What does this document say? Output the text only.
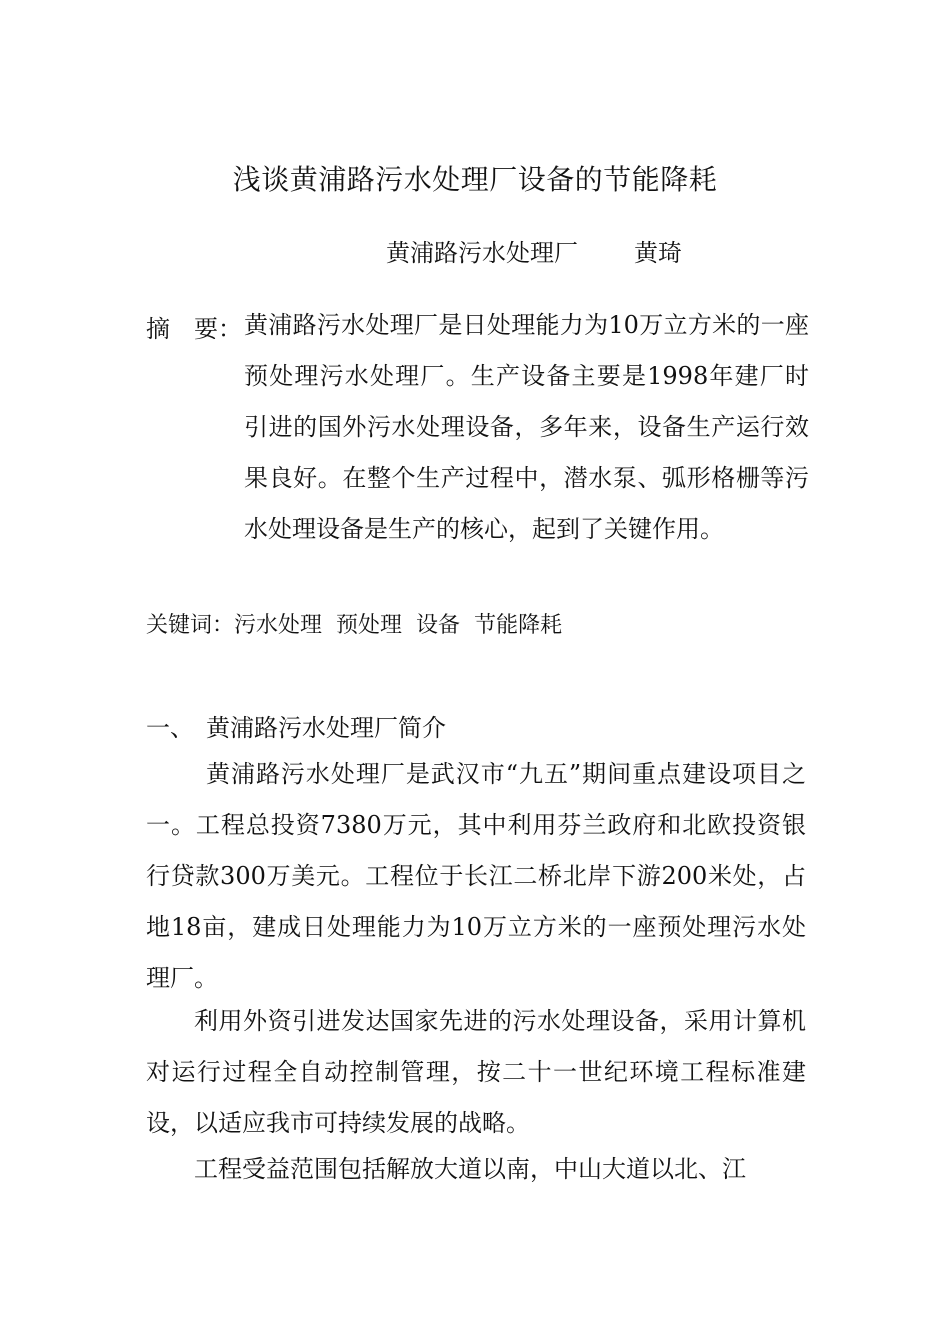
浅谈黄浦路污水处理厂设备的节能降耗
黄浦路污水处理厂 黄琦
摘 要： 黄浦路污水处理厂是日处理能力为10万立方米的一座预处理污水处理厂。生产设备主要是1998年建厂时引进的国外污水处理设备，多年来，设备生产运行效果良好。在整个生产过程中，潜水泵、弧形格栅等污水处理设备是生产的核心，起到了关键作用。

关键词：污水处理 预处理 设备 节能降耗
一、 黄浦路污水处理厂简介

黄浦路污水处理厂是武汉市“九五”期间重点建设项目之一。工程总投资7380万元，其中利用芬兰政府和北欧投资银行贷款300万美元。工程位于长江二桥北岸下游200米处，占地18亩，建成日处理能力为10万立方米的一座预处理污水处理厂。

利用外资引进发达国家先进的污水处理设备，采用计算机对运行过程全自动控制管理，按二十一世纪环境工程标准建设，以适应我市可持续发展的战略。

工程受益范围包括解放大道以南，中山大道以北、江
